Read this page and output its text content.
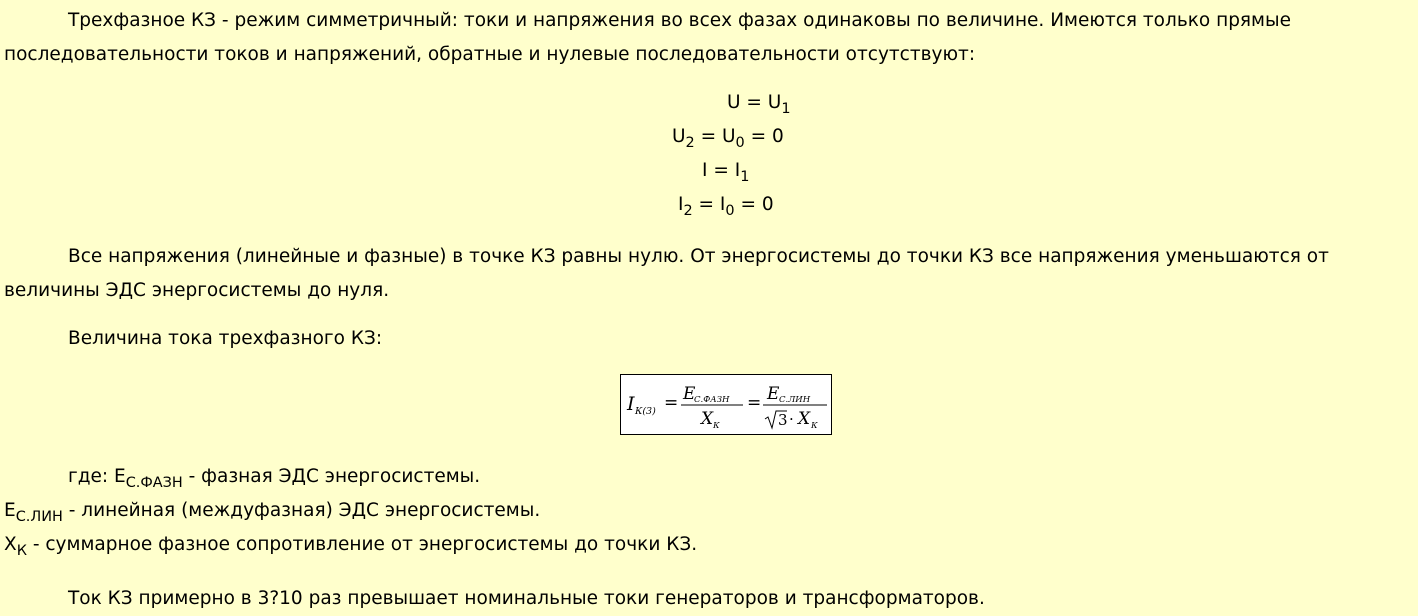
Трехфазное КЗ - режим симметричный: токи и напряжения во всех фазах одинаковы по величине. Имеются только прямые последовательности токов и напряжений, обратные и нулевые последовательности отсутствуют:

$U = U_1$
$U_2 = U_0 = 0$
$I = I_1$
$I_2 = I_0 = 0$

Все напряжения (линейные и фазные) в точке КЗ равны нулю. От энергосистемы до точки КЗ все напряжения уменьшаются от величины ЭДС энергосистемы до нуля.

Величина тока трехфазного КЗ:

I К(3) = E
С.ФАЗН
X К
= E С.ЛИН
3 · X К

где: $E_{С.ФАЗН}$ - фазная ЭДС энергосистемы.

$E_{С.ЛИН}$ - линейная (междуфазная) ЭДС энергосистемы.

$X_К$ - суммарное фазное сопротивление от энергосистемы до точки КЗ.

Ток КЗ примерно в 3?10 раз превышает номинальные токи генераторов и трансформаторов.
